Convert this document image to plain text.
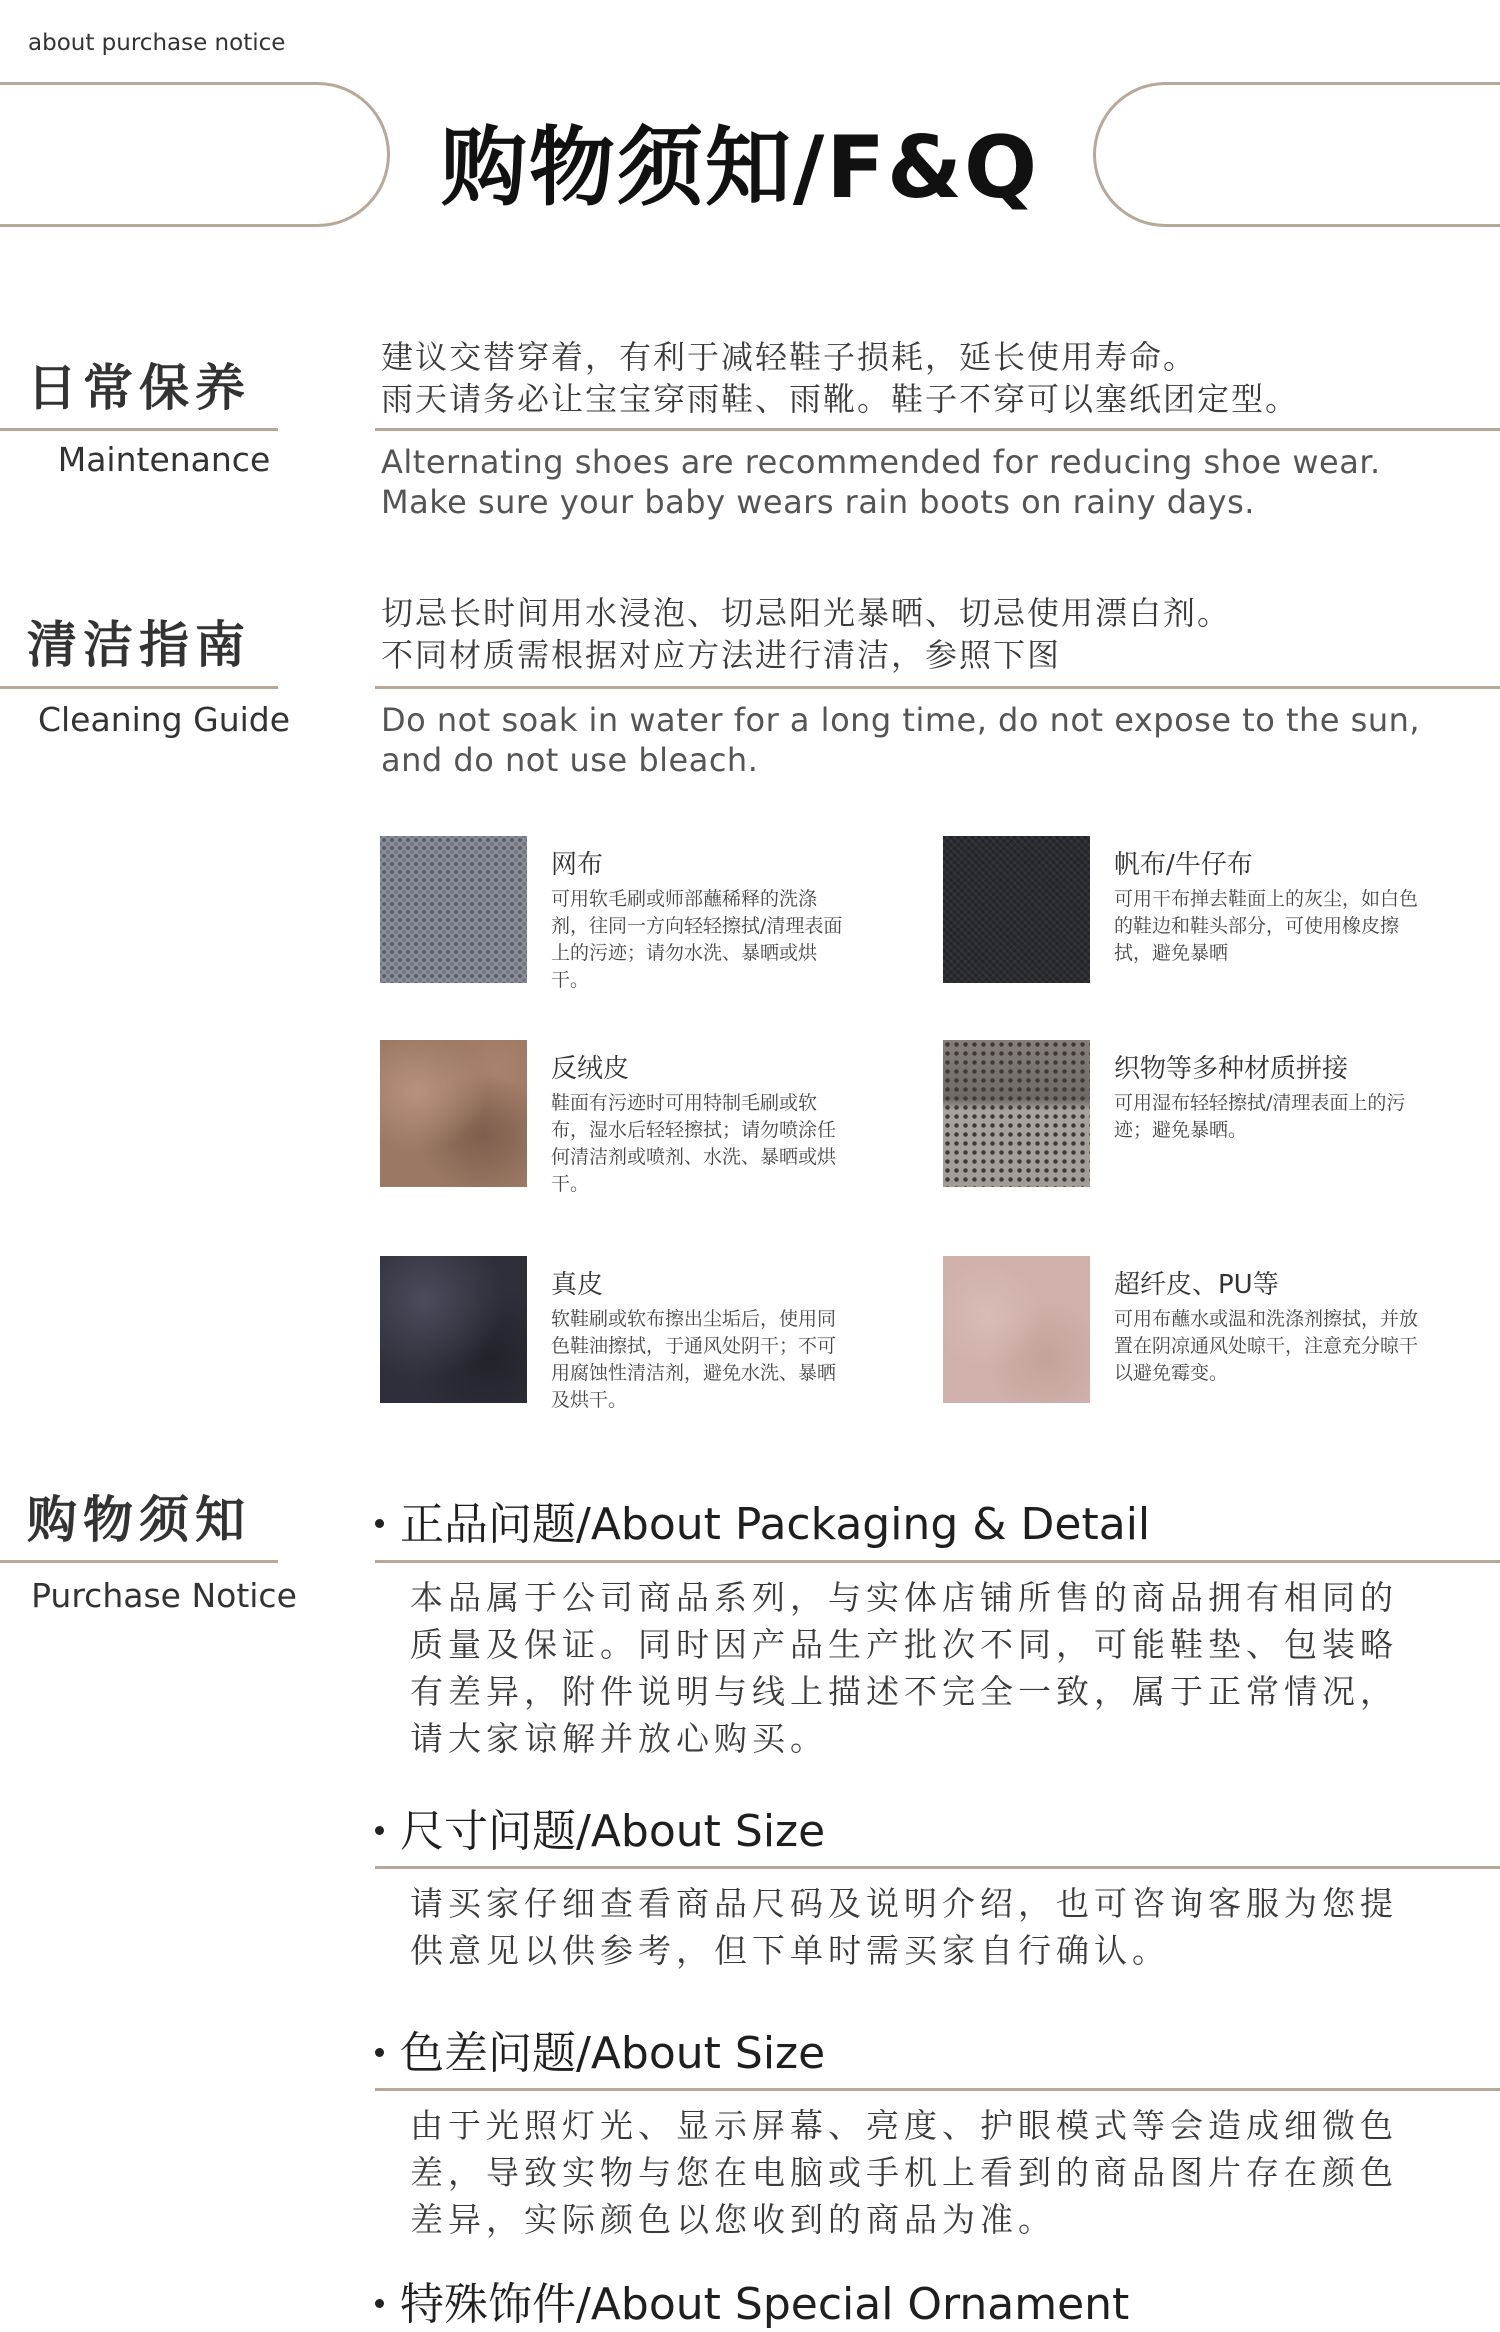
about purchase notice
购物须知/F&Q
日常保养
Maintenance
建议交替穿着，有利于减轻鞋子损耗，延长使用寿命。
雨天请务必让宝宝穿雨鞋、雨靴。鞋子不穿可以塞纸团定型。
Alternating shoes are recommended for reducing shoe wear.
Make sure your baby wears rain boots on rainy days.
清洁指南
Cleaning Guide
切忌长时间用水浸泡、切忌阳光暴晒、切忌使用漂白剂。
不同材质需根据对应方法进行清洁，参照下图
Do not soak in water for a long time, do not expose to the sun,
and do not use bleach.
网布
可用软毛刷或师部蘸稀释的洗涤剂，往同一方向轻轻擦拭/清理表面上的污迹；请勿水洗、暴晒或烘干。
帆布/牛仔布
可用干布掸去鞋面上的灰尘，如白色的鞋边和鞋头部分，可使用橡皮擦拭，避免暴晒
反绒皮
鞋面有污迹时可用特制毛刷或软布，湿水后轻轻擦拭；请勿喷涂任何清洁剂或喷剂、水洗、暴晒或烘干。
织物等多种材质拼接
可用湿布轻轻擦拭/清理表面上的污迹；避免暴晒。
真皮
软鞋刷或软布擦出尘垢后，使用同色鞋油擦拭，于通风处阴干；不可用腐蚀性清洁剂，避免水洗、暴晒及烘干。
超纤皮、PU等
可用布蘸水或温和洗涤剂擦拭，并放置在阴凉通风处晾干，注意充分晾干以避免霉变。
购物须知
Purchase Notice
正品问题/About Packaging & Detail
本品属于公司商品系列，与实体店铺所售的商品拥有相同的质量及保证。同时因产品生产批次不同，可能鞋垫、包装略有差异，附件说明与线上描述不完全一致，属于正常情况，请大家谅解并放心购买。
尺寸问题/About Size
请买家仔细查看商品尺码及说明介绍，也可咨询客服为您提供意见以供参考，但下单时需买家自行确认。
色差问题/About Size
由于光照灯光、显示屏幕、亮度、护眼模式等会造成细微色差，导致实物与您在电脑或手机上看到的商品图片存在颜色差异，实际颜色以您收到的商品为准。
特殊饰件/About Special Ornament
